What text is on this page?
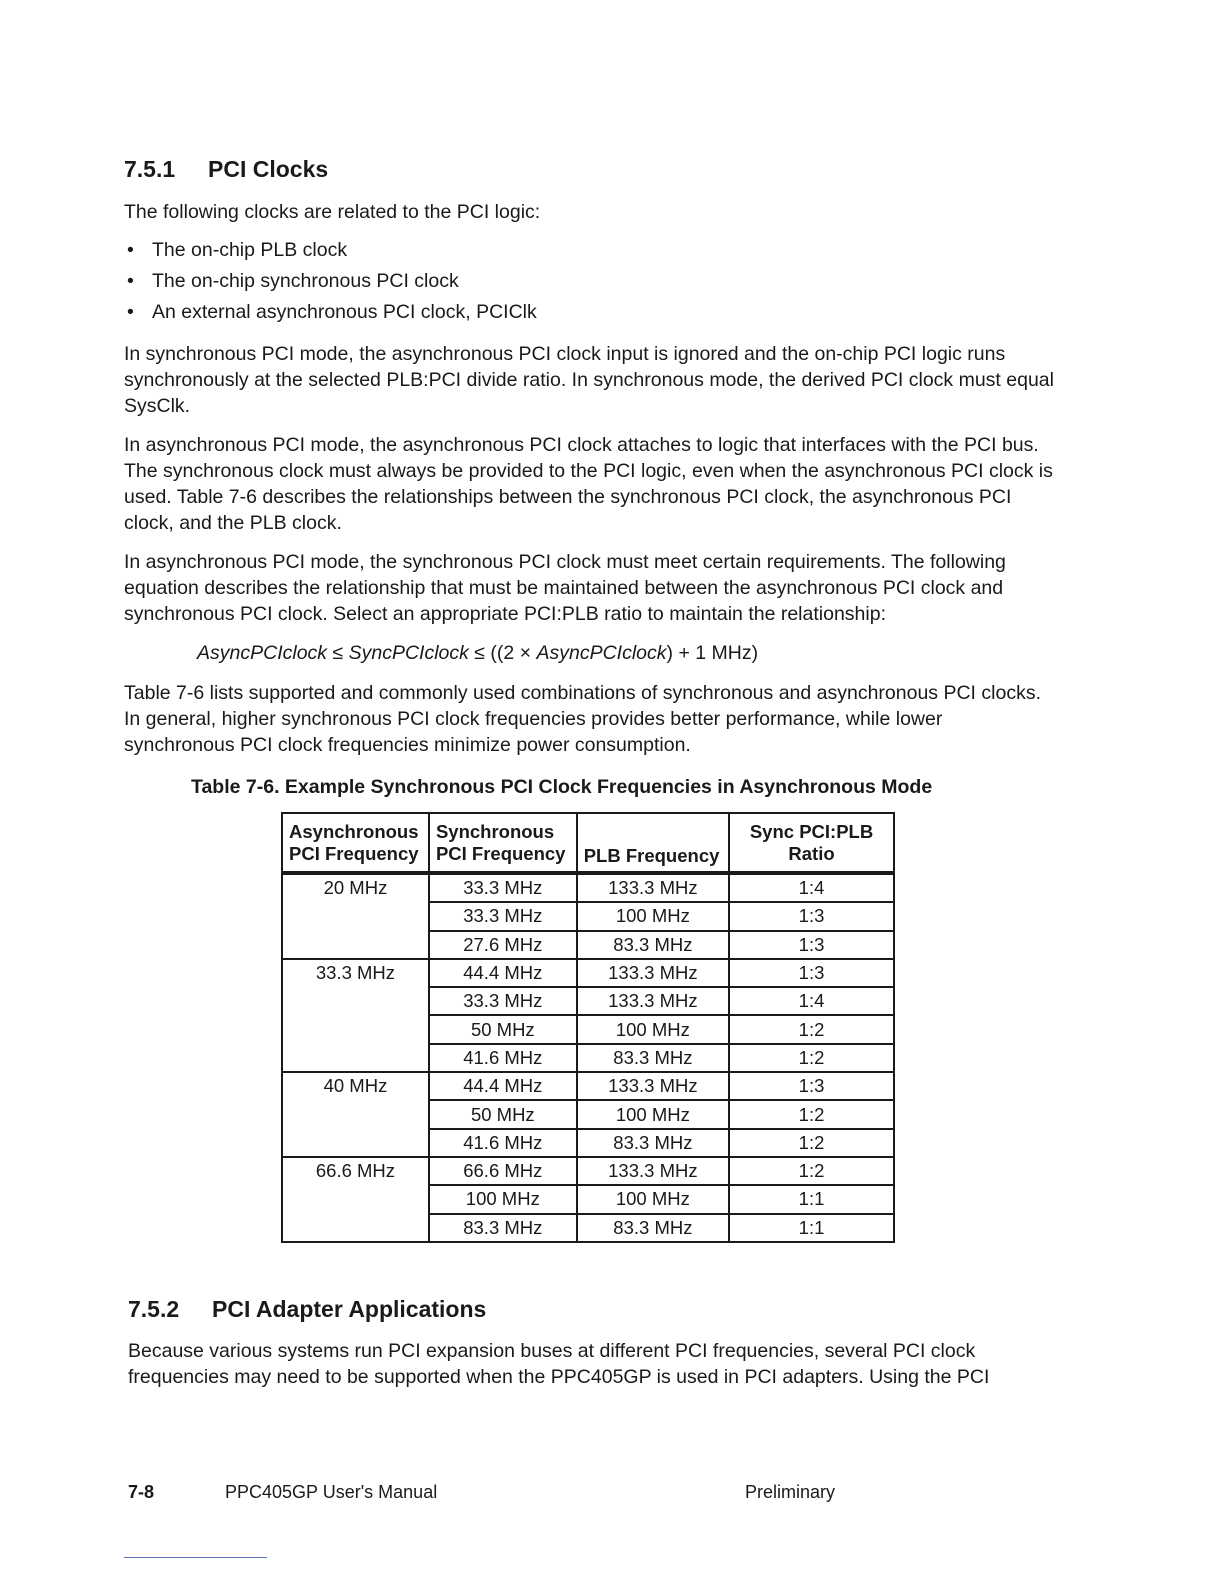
7.5.1 PCI Clocks
The following clocks are related to the PCI logic:
• The on-chip PLB clock
• The on-chip synchronous PCI clock
• An external asynchronous PCI clock, PCIClk
In synchronous PCI mode, the asynchronous PCI clock input is ignored and the on-chip PCI logic runs synchronously at the selected PLB:PCI divide ratio. In synchronous mode, the derived PCI clock must equal SysClk.
In asynchronous PCI mode, the asynchronous PCI clock attaches to logic that interfaces with the PCI bus. The synchronous clock must always be provided to the PCI logic, even when the asynchronous PCI clock is used. Table 7-6 describes the relationships between the synchronous PCI clock, the asynchronous PCI clock, and the PLB clock.
In asynchronous PCI mode, the synchronous PCI clock must meet certain requirements. The following equation describes the relationship that must be maintained between the asynchronous PCI clock and synchronous PCI clock. Select an appropriate PCI:PLB ratio to maintain the relationship:
AsyncPCIclock ≤ SyncPCIclock ≤ ((2 × AsyncPCIclock) + 1 MHz)
Table 7-6 lists supported and commonly used combinations of synchronous and asynchronous PCI clocks. In general, higher synchronous PCI clock frequencies provides better performance, while lower synchronous PCI clock frequencies minimize power consumption.
Table 7-6. Example Synchronous PCI Clock Frequencies in Asynchronous Mode
Asynchronous
PCI Frequency	Synchronous
PCI Frequency	PLB Frequency	Sync PCI:PLB
Ratio
20 MHz	33.3 MHz	133.3 MHz	1:4
	33.3 MHz	100 MHz	1:3
	27.6 MHz	83.3 MHz	1:3
33.3 MHz	44.4 MHz	133.3 MHz	1:3
	33.3 MHz	133.3 MHz	1:4
	50 MHz	100 MHz	1:2
	41.6 MHz	83.3 MHz	1:2
40 MHz	44.4 MHz	133.3 MHz	1:3
	50 MHz	100 MHz	1:2
	41.6 MHz	83.3 MHz	1:2
66.6 MHz	66.6 MHz	133.3 MHz	1:2
	100 MHz	100 MHz	1:1
	83.3 MHz	83.3 MHz	1:1
7.5.2 PCI Adapter Applications
Because various systems run PCI expansion buses at different PCI frequencies, several PCI clock frequencies may need to be supported when the PPC405GP is used in PCI adapters. Using the PCI
7-8	PPC405GP User's Manual	Preliminary
